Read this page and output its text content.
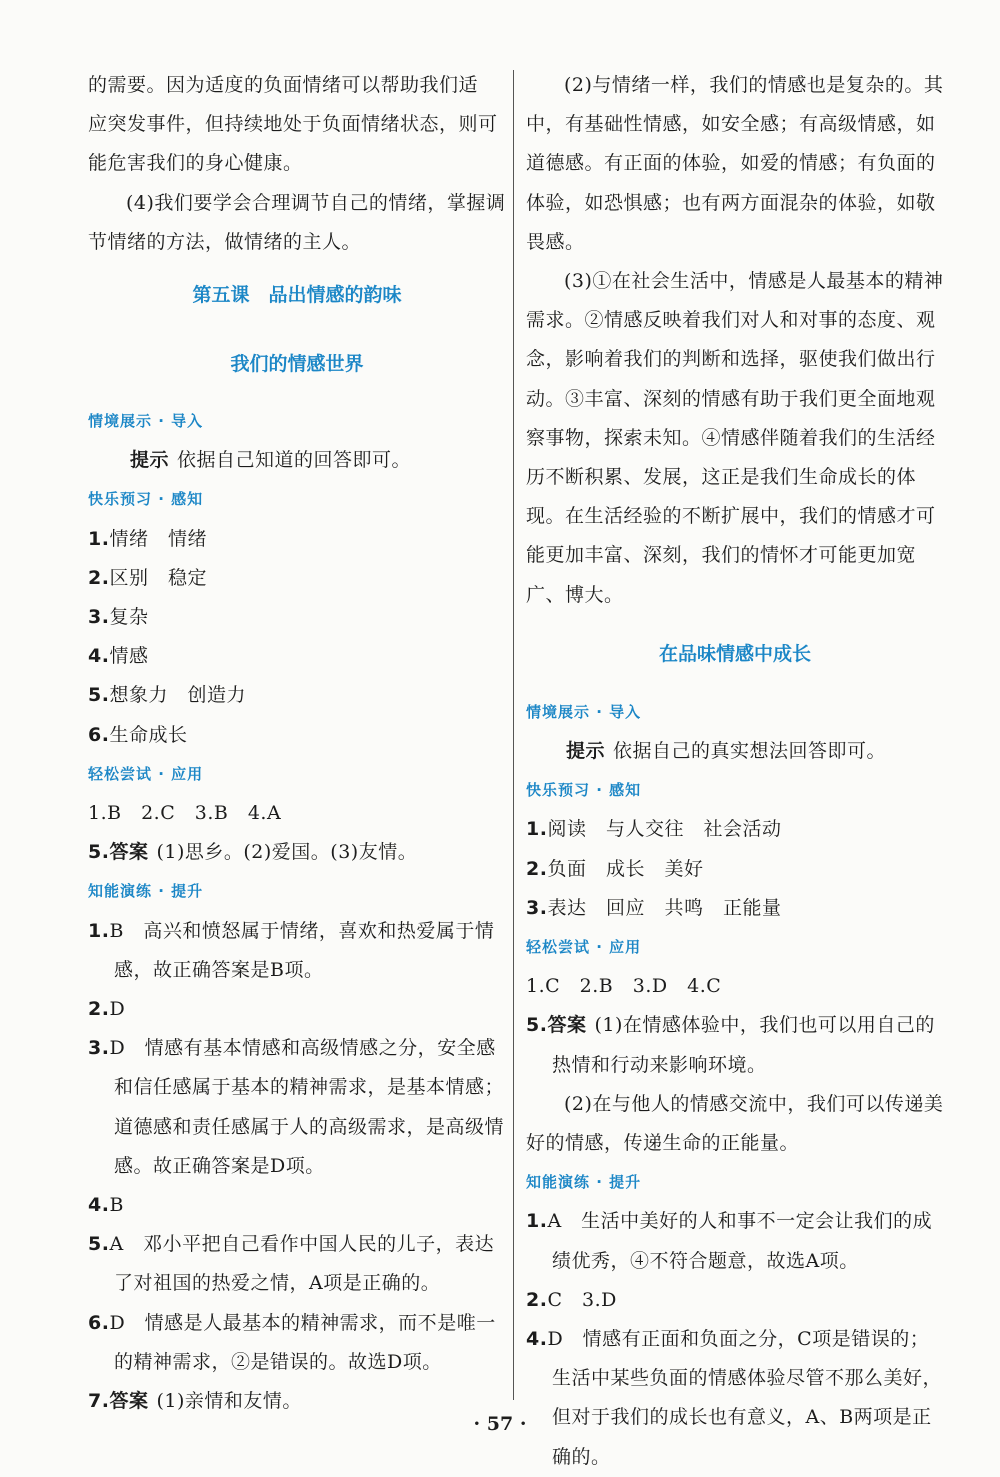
的需要。因为适度的负面情绪可以帮助我们适

应突发事件，但持续地处于负面情绪状态，则可

能危害我们的身心健康。

(4)我们要学会合理调节自己的情绪，掌握调节情绪的方法，做情绪的主人。

第五课　品出情感的韵味
我们的情感世界

情境展示 · 导入

提示 依据自己知道的回答即可。

快乐预习 · 感知

1.情绪　情绪

2.区别　稳定

3.复杂

4.情感

5.想象力　创造力

6.生命成长

轻松尝试 · 应用

1.B　2.C　3.B　4.A

5.答案 (1)思乡。(2)爱国。(3)友情。

知能演练 · 提升

1.B　高兴和愤怒属于情绪，喜欢和热爱属于情感，故正确答案是B项。

2.D

3.D　情感有基本情感和高级情感之分，安全感和信任感属于基本的精神需求，是基本情感；道德感和责任感属于人的高级需求，是高级情感。故正确答案是D项。

4.B

5.A　邓小平把自己看作中国人民的儿子，表达了对祖国的热爱之情，A项是正确的。

6.D　情感是人最基本的精神需求，而不是唯一的精神需求，②是错误的。故选D项。

7.答案 (1)亲情和友情。

(2)与情绪一样，我们的情感也是复杂的。其中，有基础性情感，如安全感；有高级情感，如道德感。有正面的体验，如爱的情感；有负面的体验，如恐惧感；也有两方面混杂的体验，如敬畏感。

(3)①在社会生活中，情感是人最基本的精神需求。②情感反映着我们对人和对事的态度、观念，影响着我们的判断和选择，驱使我们做出行动。③丰富、深刻的情感有助于我们更全面地观察事物，探索未知。④情感伴随着我们的生活经历不断积累、发展，这正是我们生命成长的体现。在生活经验的不断扩展中，我们的情感才可能更加丰富、深刻，我们的情怀才可能更加宽广、博大。

在品味情感中成长

情境展示 · 导入

提示 依据自己的真实想法回答即可。

快乐预习 · 感知

1.阅读　与人交往　社会活动

2.负面　成长　美好

3.表达　回应　共鸣　正能量

轻松尝试 · 应用

1.C　2.B　3.D　4.C

5.答案 (1)在情感体验中，我们也可以用自己的热情和行动来影响环境。

(2)在与他人的情感交流中，我们可以传递美好的情感，传递生命的正能量。

知能演练 · 提升

1.A　生活中美好的人和事不一定会让我们的成绩优秀，④不符合题意，故选A项。

2.C　3.D

4.D　情感有正面和负面之分，C项是错误的；生活中某些负面的情感体验尽管不那么美好，但对于我们的成长也有意义，A、B两项是正确的。

· 57 ·
